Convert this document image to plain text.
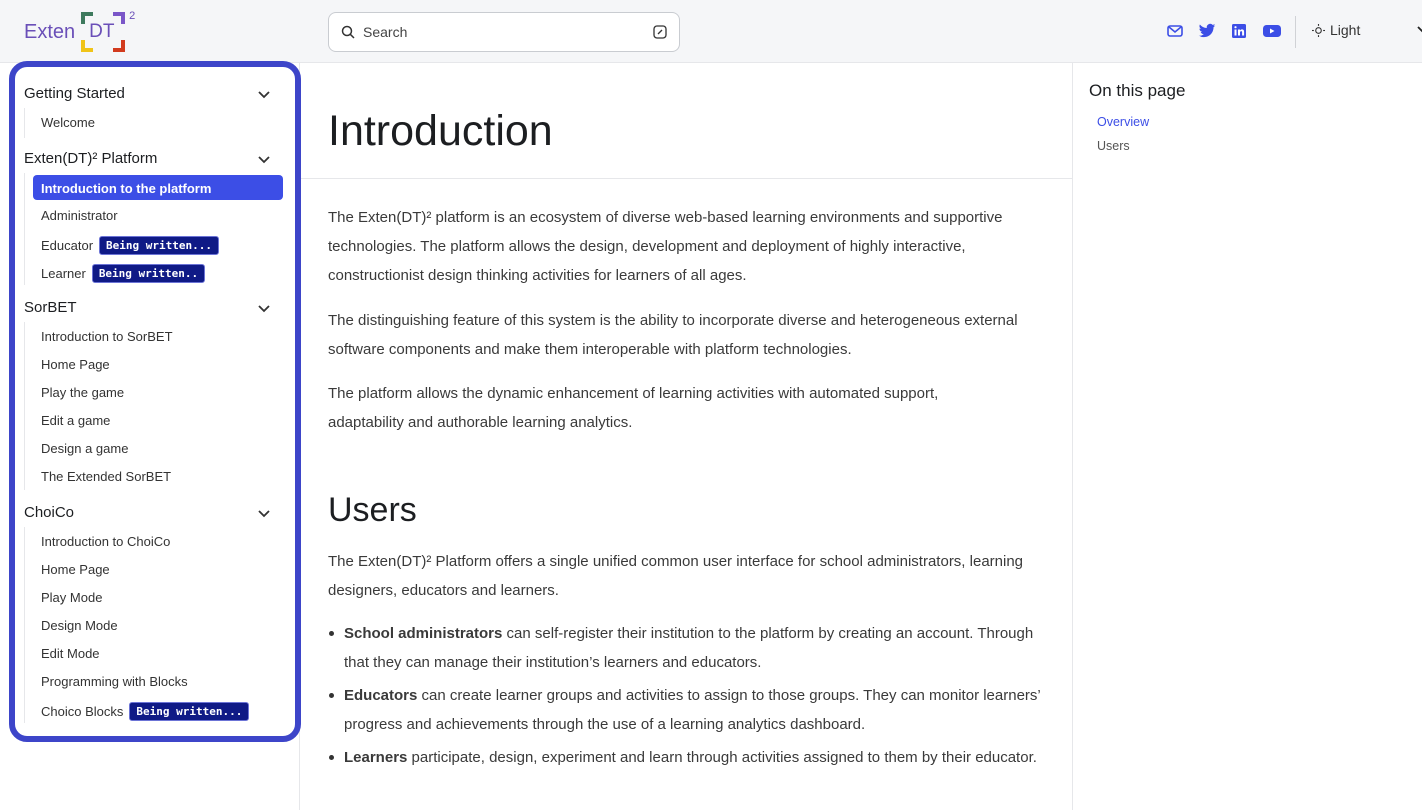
Exten DT
2
Search	Light
Getting Started
Welcome
Exten(DT)² Platform
Introduction to the platform
Administrator
Educator Being written...
Learner Being written..
SorBET
Introduction to SorBET
Home Page
Play the game
Edit a game
Design a game
The Extended SorBET
ChoiCo
Introduction to ChoiCo
Home Page
Play Mode
Design Mode
Edit Mode
Programming with Blocks
Choico Blocks Being written...
Introduction

The Exten(DT)² platform is an ecosystem of diverse web-based learning environments and supportive technologies. The platform allows the design, development and deployment of highly interactive, constructionist design thinking activities for learners of all ages.

The distinguishing feature of this system is the ability to incorporate diverse and heterogeneous external software components and make them interoperable with platform technologies.

The platform allows the dynamic enhancement of learning activities with automated support, adaptability and authorable learning analytics.

Users

The Exten(DT)² Platform offers a single unified common user interface for school administrators, learning designers, educators and learners.

School administrators can self-register their institution to the platform by creating an account. Through that they can manage their institution’s learners and educators.
Educators can create learner groups and activities to assign to those groups. They can monitor learners’ progress and achievements through the use of a learning analytics dashboard.
Learners participate, design, experiment and learn through activities assigned to them by their educator.
On this page
Overview
Users
